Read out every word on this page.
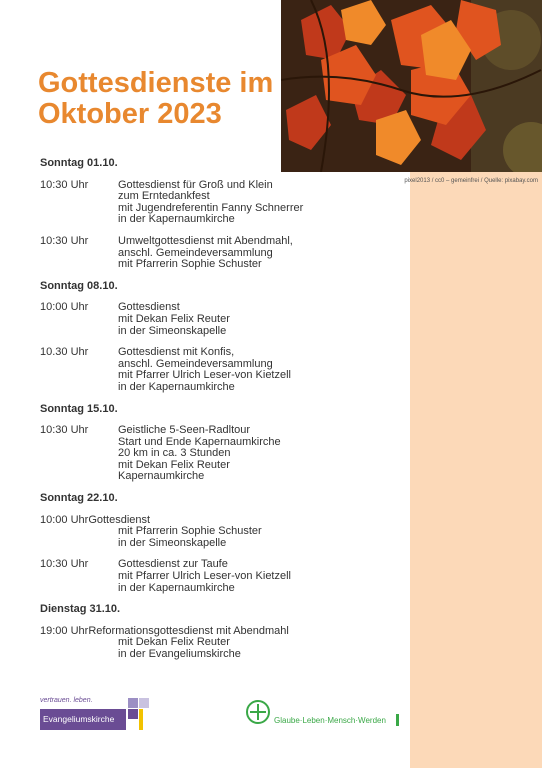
pixel2013 / cc0 – gemeinfrei / Quelle: pixabay.com
Gottesdienste im
Oktober 2023
Sonntag 01.10.
10:30 Uhr	Gottesdienst für Groß und Klein
zum Erntedankfest
mit Jugendreferentin Fanny Schnerrer
in der Kapernaumkirche
10:30 Uhr	Umweltgottesdienst mit Abendmahl,
anschl. Gemeindeversammlung
mit Pfarrerin Sophie Schuster
Sonntag 08.10.
10:00 Uhr	Gottesdienst
mit Dekan Felix Reuter
in der Simeonskapelle
10.30 Uhr	Gottesdienst mit Konfis,
anschl. Gemeindeversammlung
mit Pfarrer Ulrich Leser-von Kietzell
in der Kapernaumkirche
Sonntag 15.10.
10:30 Uhr	Geistliche 5-Seen-Radltour
Start und Ende Kapernaumkirche
20 km in ca. 3 Stunden
mit Dekan Felix Reuter
Kapernaumkirche
Sonntag 22.10.
10:00 Uhr Gottesdienst
mit Pfarrerin Sophie Schuster
in der Simeonskapelle
10:30 Uhr	Gottesdienst zur Taufe
mit Pfarrer Ulrich Leser-von Kietzell
in der Kapernaumkirche
Dienstag 31.10.
19:00 Uhr Reformationsgottesdienst mit Abendmahl
mit Dekan Felix Reuter
in der Evangeliumskirche
vertrauen. leben.
Evangeliumskirche	Glaube·Leben·Mensch·Werden
